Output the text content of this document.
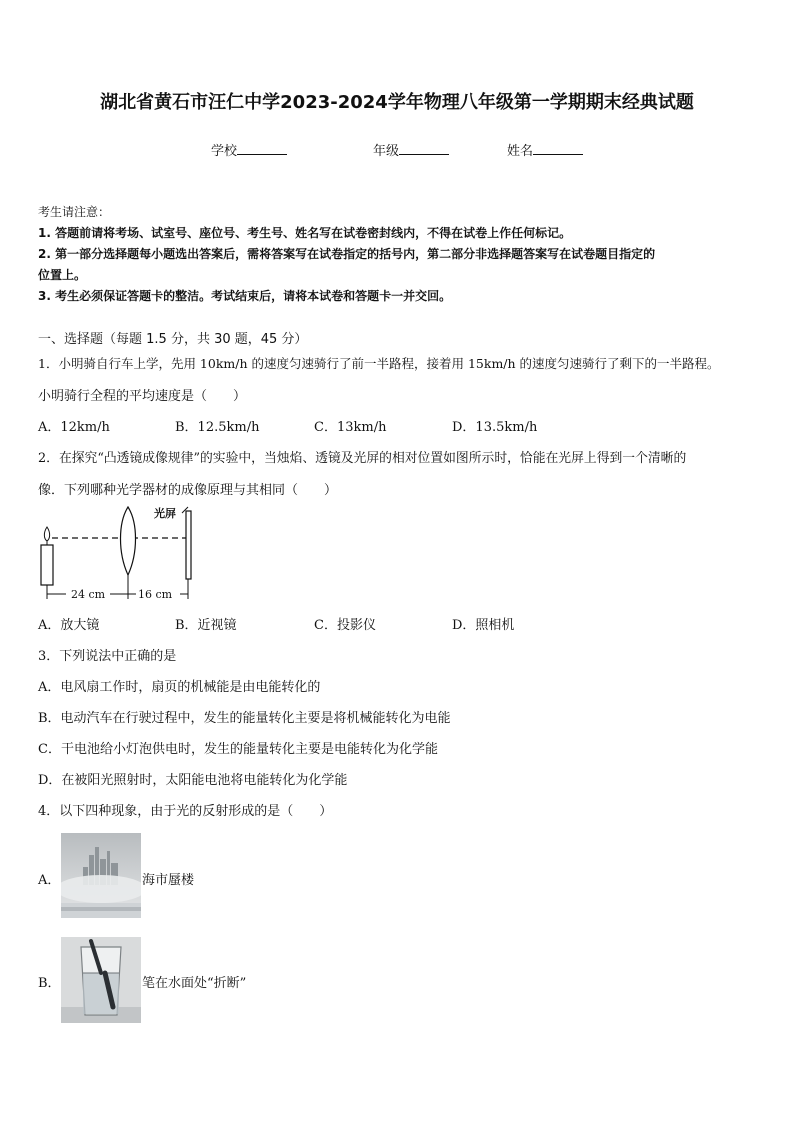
湖北省黄石市汪仁中学2023-2024学年物理八年级第一学期期末经典试题
学校	年级	姓名
考生请注意：
1. 答题前请将考场、试室号、座位号、考生号、姓名写在试卷密封线内，不得在试卷上作任何标记。
2. 第一部分选择题每小题选出答案后，需将答案写在试卷指定的括号内，第二部分非选择题答案写在试卷题目指定的
位置上。
3. 考生必须保证答题卡的整洁。考试结束后，请将本试卷和答题卡一并交回。
一、选择题（每题 1.5 分，共 30 题，45 分）
1．小明骑自行车上学，先用 10km/h 的速度匀速骑行了前一半路程，接着用 15km/h 的速度匀速骑行了剩下的一半路程。
小明骑行全程的平均速度是（　　）
A．12km/h	B．12.5km/h	C．13km/h	D．13.5km/h
2．在探究“凸透镜成像规律”的实验中，当烛焰、透镜及光屏的相对位置如图所示时，恰能在光屏上得到一个清晰的
像．下列哪种光学器材的成像原理与其相同（　　）
光屏
24 cm	16 cm
A．放大镜	B．近视镜	C．投影仪	D．照相机
3．下列说法中正确的是
A．电风扇工作时，扇页的机械能是由电能转化的
B．电动汽车在行驶过程中，发生的能量转化主要是将机械能转化为电能
C．干电池给小灯泡供电时，发生的能量转化主要是电能转化为化学能
D．在被阳光照射时，太阳能电池将电能转化为化学能
4．以下四种现象，由于光的反射形成的是（　　）
A．	海市蜃楼
B．	笔在水面处“折断”
